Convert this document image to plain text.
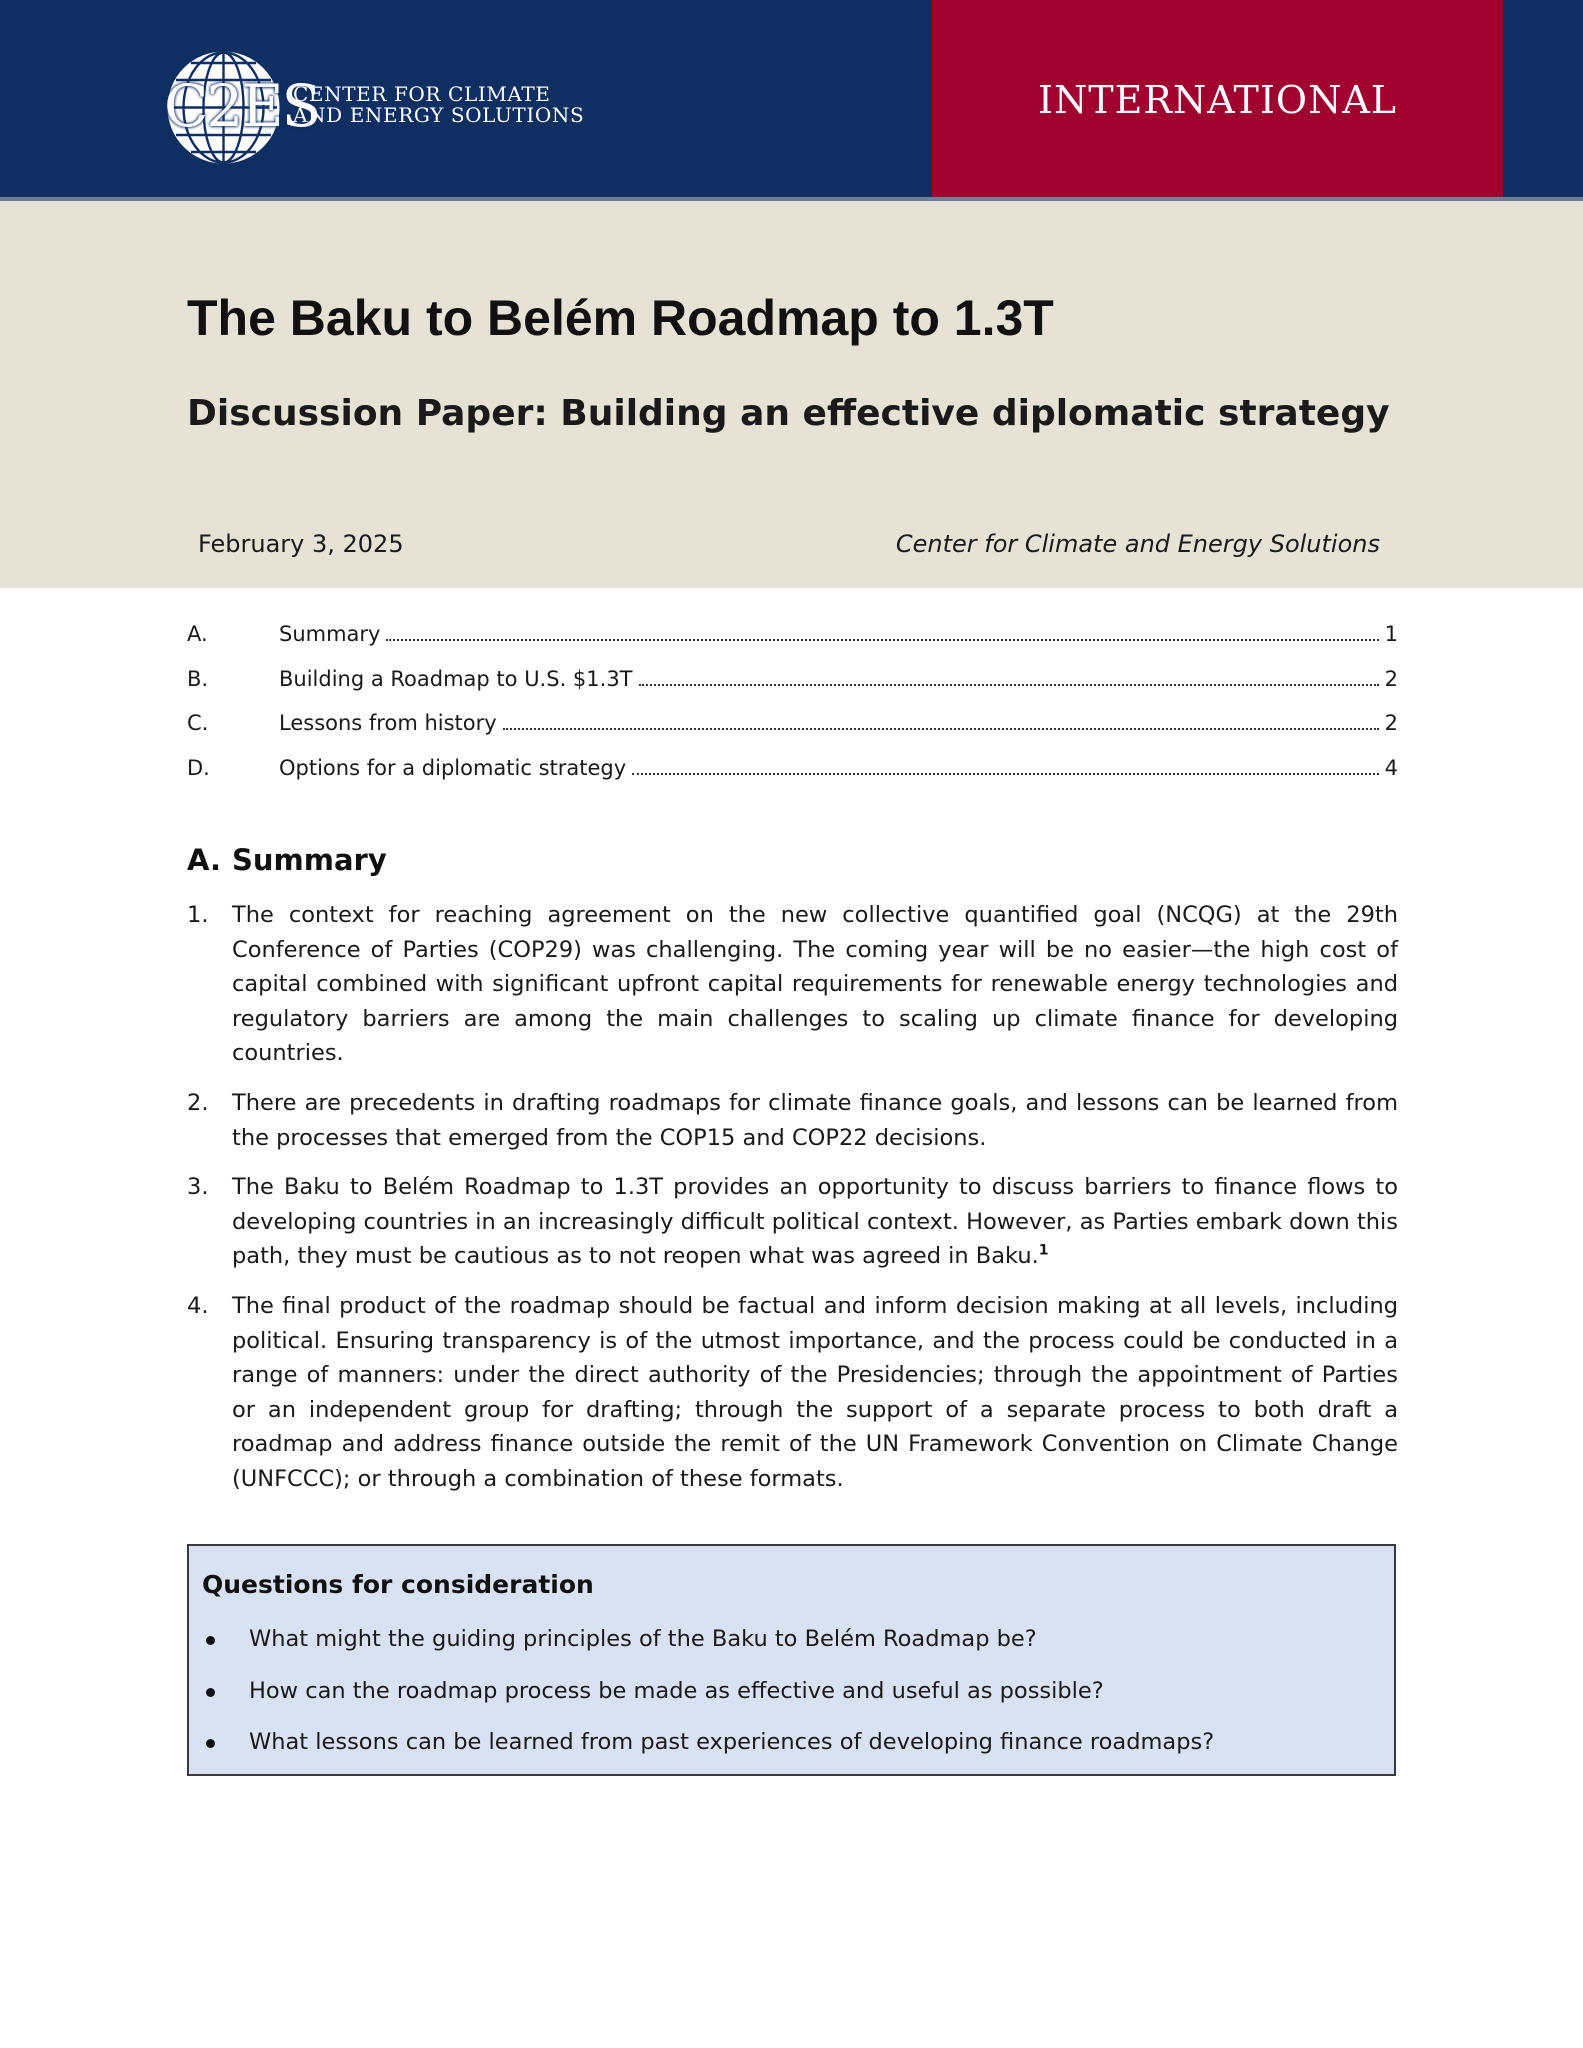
C2ES
CENTER FOR CLIMATE
AND ENERGY SOLUTIONS	INTERNATIONAL
The Baku to Belém Roadmap to 1.3T
Discussion Paper: Building an effective diplomatic strategy
February 3, 2025	Center for Climate and Energy Solutions
A.	Summary	1
B.	Building a Roadmap to U.S. $1.3T	2
C.	Lessons from history	2
D.	Options for a diplomatic strategy	4
A. Summary
1. The context for reaching agreement on the new collective quantified goal (NCQG) at the 29th Conference of Parties (COP29) was challenging. The coming year will be no easier—the high cost of capital combined with significant upfront capital requirements for renewable energy technologies and regulatory barriers are among the main challenges to scaling up climate finance for developing countries.
2. There are precedents in drafting roadmaps for climate finance goals, and lessons can be learned from the processes that emerged from the COP15 and COP22 decisions.
3. The Baku to Belém Roadmap to 1.3T provides an opportunity to discuss barriers to finance flows to developing countries in an increasingly difficult political context. However, as Parties embark down this path, they must be cautious as to not reopen what was agreed in Baku.$^1$
4. The final product of the roadmap should be factual and inform decision making at all levels, including political. Ensuring transparency is of the utmost importance, and the process could be conducted in a range of manners: under the direct authority of the Presidencies; through the appointment of Parties or an independent group for drafting; through the support of a separate process to both draft a roadmap and address finance outside the remit of the UN Framework Convention on Climate Change (UNFCCC); or through a combination of these formats.
Questions for consideration
What might the guiding principles of the Baku to Belém Roadmap be?
How can the roadmap process be made as effective and useful as possible?
What lessons can be learned from past experiences of developing finance roadmaps?
